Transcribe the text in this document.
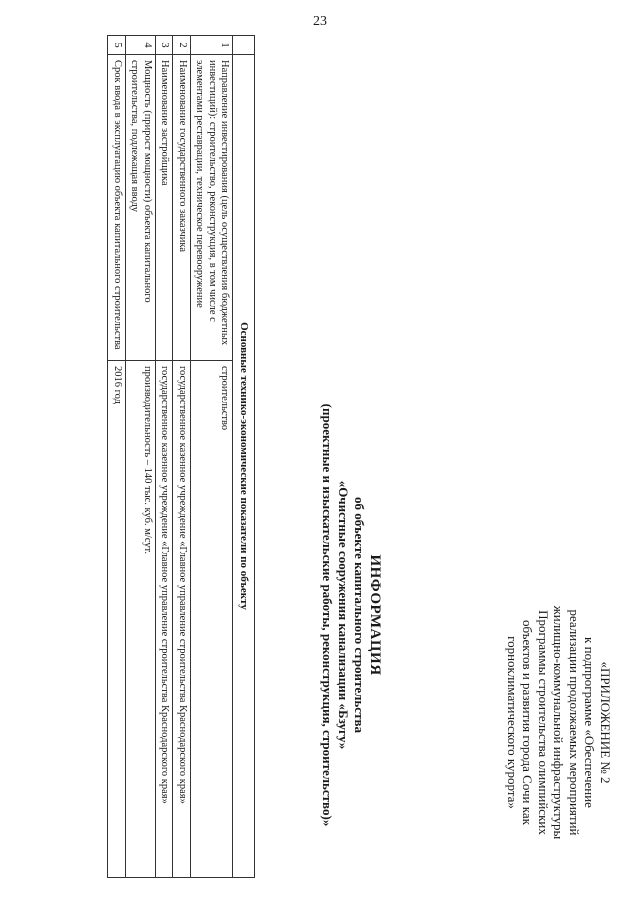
23
«ПРИЛОЖЕНИЕ № 2
к подпрограмме «Обеспечение
реализации продолжаемых мероприятий
жилищно-коммунальной инфраструктуры
Программы строительства олимпийских
объектов и развития города Сочи как
горноклиматического курорта»
ИНФОРМАЦИЯ
об объекте капитального строительства
«Очистные сооружения канализации «Бзугу»
(проектные и изыскательские работы, реконструкция, строительство)»
	Основные технико-экономические показатели по объекту	
1	Направление инвестирования (цель осуществления бюджетных инвестиций): строительство, реконструкция, в том числе с элементами реставрации, техническое перевооружение	строительство
2	Наименование государственного заказчика	государственное казенное учреждение «Главное управление строительства Краснодарского края»
3	Наименование застройщика	государственное казенное учреждение «Главное управление строительства Краснодарского края»
4	Мощность (прирост мощности) объекта капитального строительства, подлежащая вводу	производительность – 140 тыс. куб. м/сут.
5	Срок ввода в эксплуатацию объекта капитального строительства	2016 год
